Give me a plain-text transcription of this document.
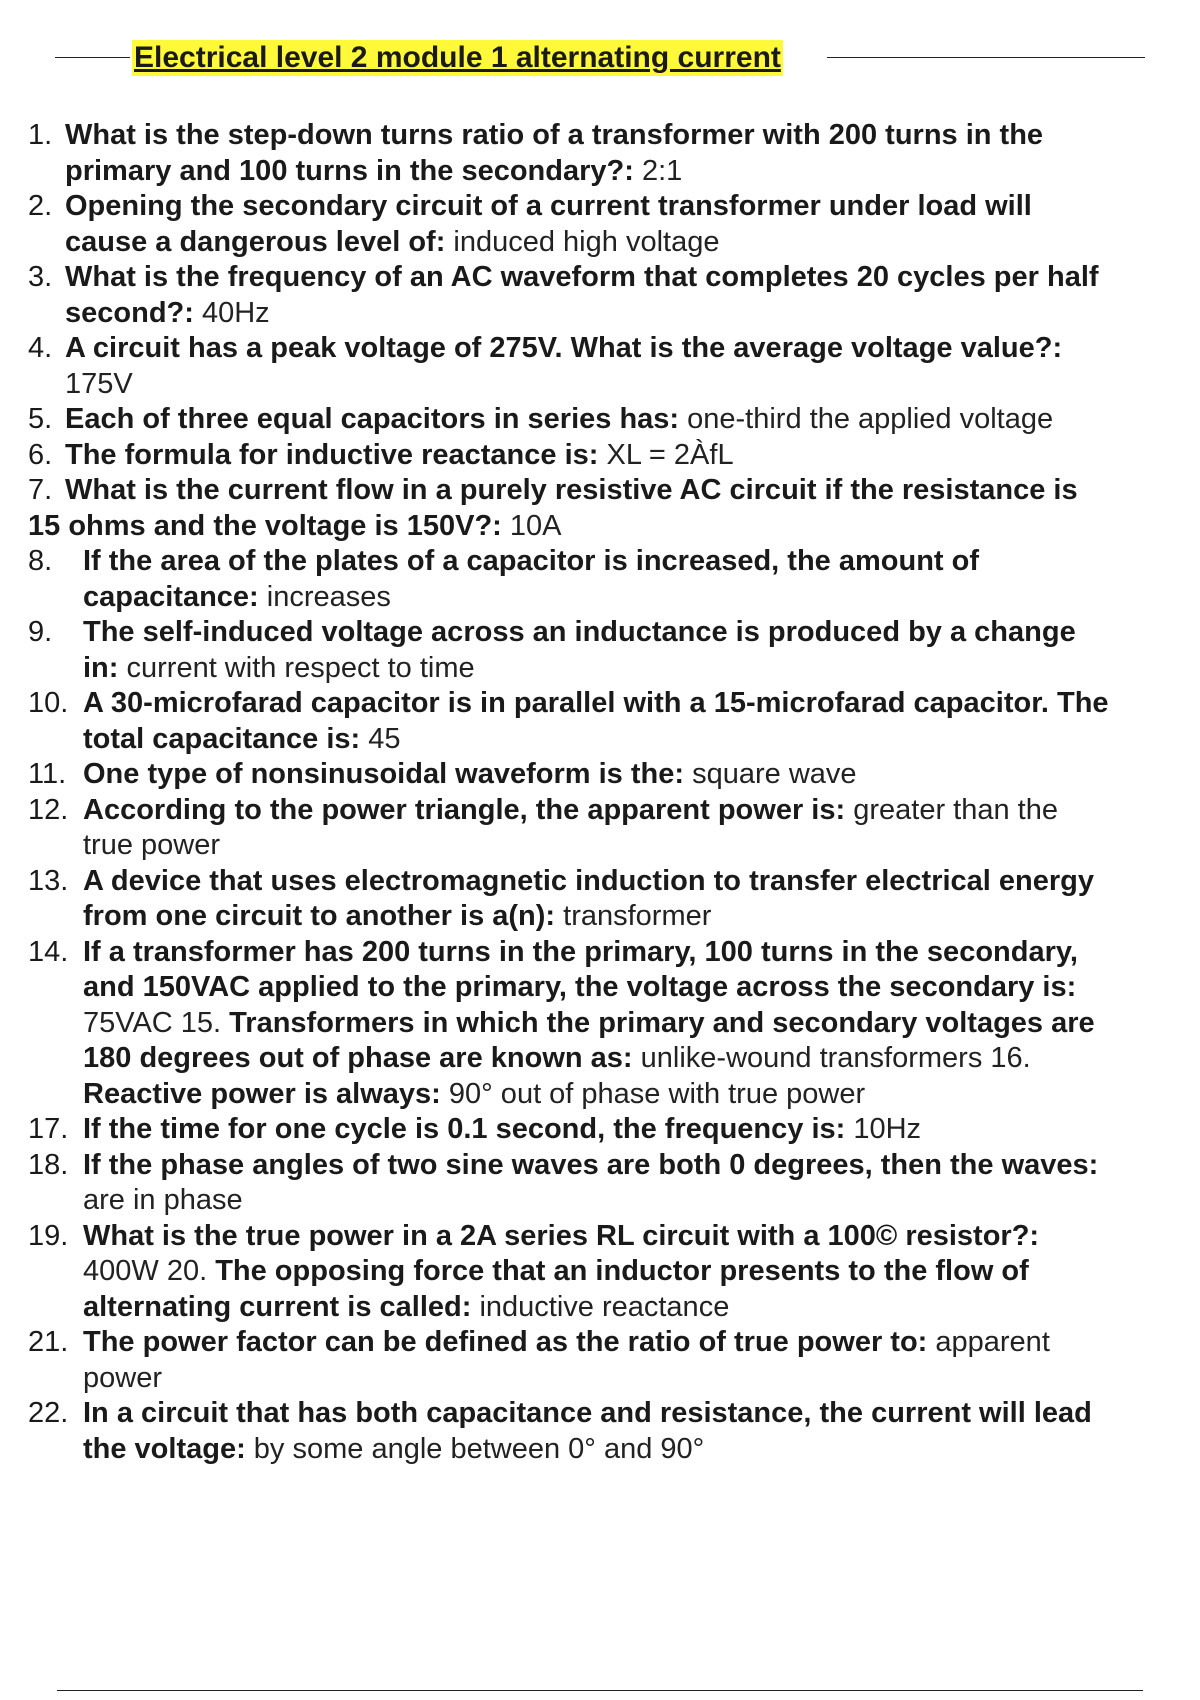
Electrical level 2 module 1 alternating current
1. What is the step-down turns ratio of a transformer with 200 turns in the
primary and 100 turns in the secondary?: 2:1
2. Opening the secondary circuit of a current transformer under load will
cause a dangerous level of: induced high voltage
3. What is the frequency of an AC waveform that completes 20 cycles per half
second?: 40Hz
4. A circuit has a peak voltage of 275V. What is the average voltage value?:
175V
5. Each of three equal capacitors in series has: one-third the applied voltage
6. The formula for inductive reactance is: XL = 2ÀfL
7. What is the current flow in a purely resistive AC circuit if the resistance is
15 ohms and the voltage is 150V?: 10A
8. If the area of the plates of a capacitor is increased, the amount of
capacitance: increases
9. The self-induced voltage across an inductance is produced by a change
in: current with respect to time
10. A 30-microfarad capacitor is in parallel with a 15-microfarad capacitor. The
total capacitance is: 45
11. One type of nonsinusoidal waveform is the: square wave
12. According to the power triangle, the apparent power is: greater than the
true power
13. A device that uses electromagnetic induction to transfer electrical energy
from one circuit to another is a(n): transformer
14. If a transformer has 200 turns in the primary, 100 turns in the secondary,
and 150VAC applied to the primary, the voltage across the secondary is:
75VAC 15. Transformers in which the primary and secondary voltages are
180 degrees out of phase are known as: unlike-wound transformers 16.
Reactive power is always: 90° out of phase with true power
17. If the time for one cycle is 0.1 second, the frequency is: 10Hz
18. If the phase angles of two sine waves are both 0 degrees, then the waves:
are in phase
19. What is the true power in a 2A series RL circuit with a 100© resistor?:
400W 20. The opposing force that an inductor presents to the flow of
alternating current is called: inductive reactance
21. The power factor can be defined as the ratio of true power to: apparent
power
22. In a circuit that has both capacitance and resistance, the current will lead
the voltage: by some angle between 0° and 90°
